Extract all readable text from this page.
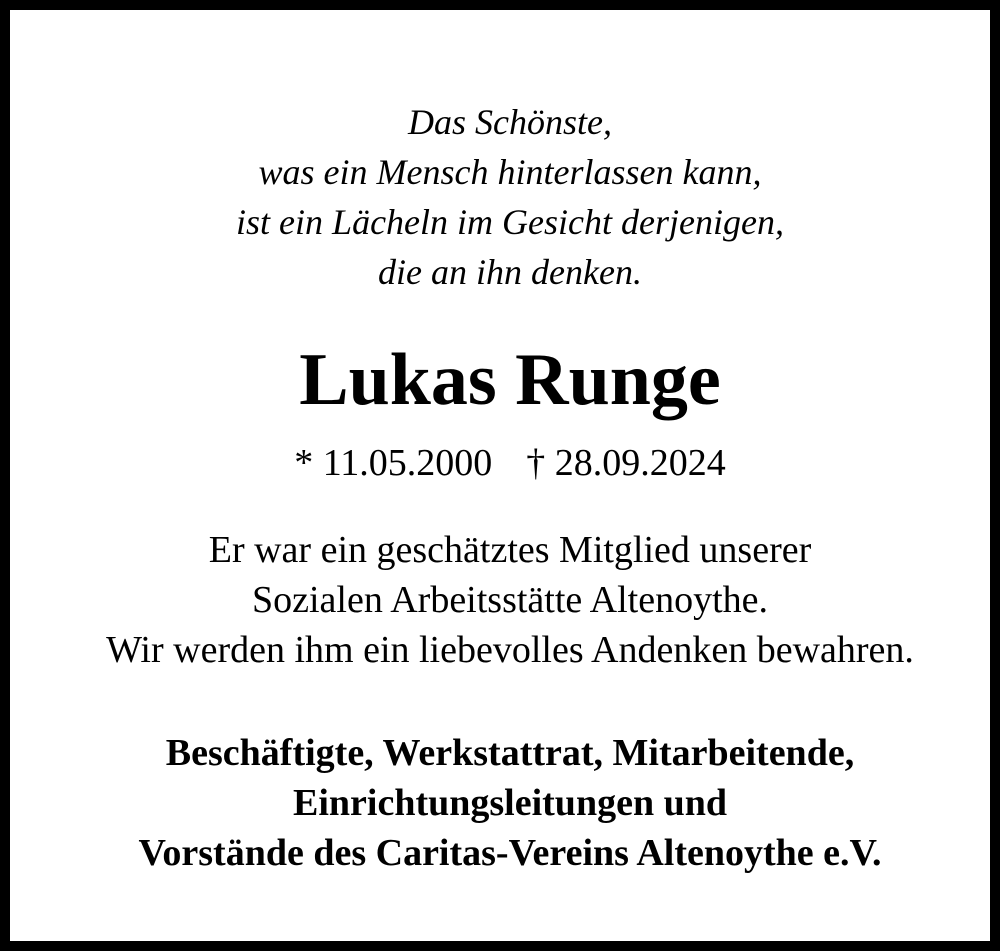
Das Schönste,
was ein Mensch hinterlassen kann,
ist ein Lächeln im Gesicht derjenigen,
die an ihn denken.
Lukas Runge
* 11.05.2000 † 28.09.2024
Er war ein geschätztes Mitglied unserer
Sozialen Arbeitsstätte Altenoythe.
Wir werden ihm ein liebevolles Andenken bewahren.
Beschäftigte, Werkstattrat, Mitarbeitende,
Einrichtungsleitungen und
Vorstände des Caritas-Vereins Altenoythe e.V.
